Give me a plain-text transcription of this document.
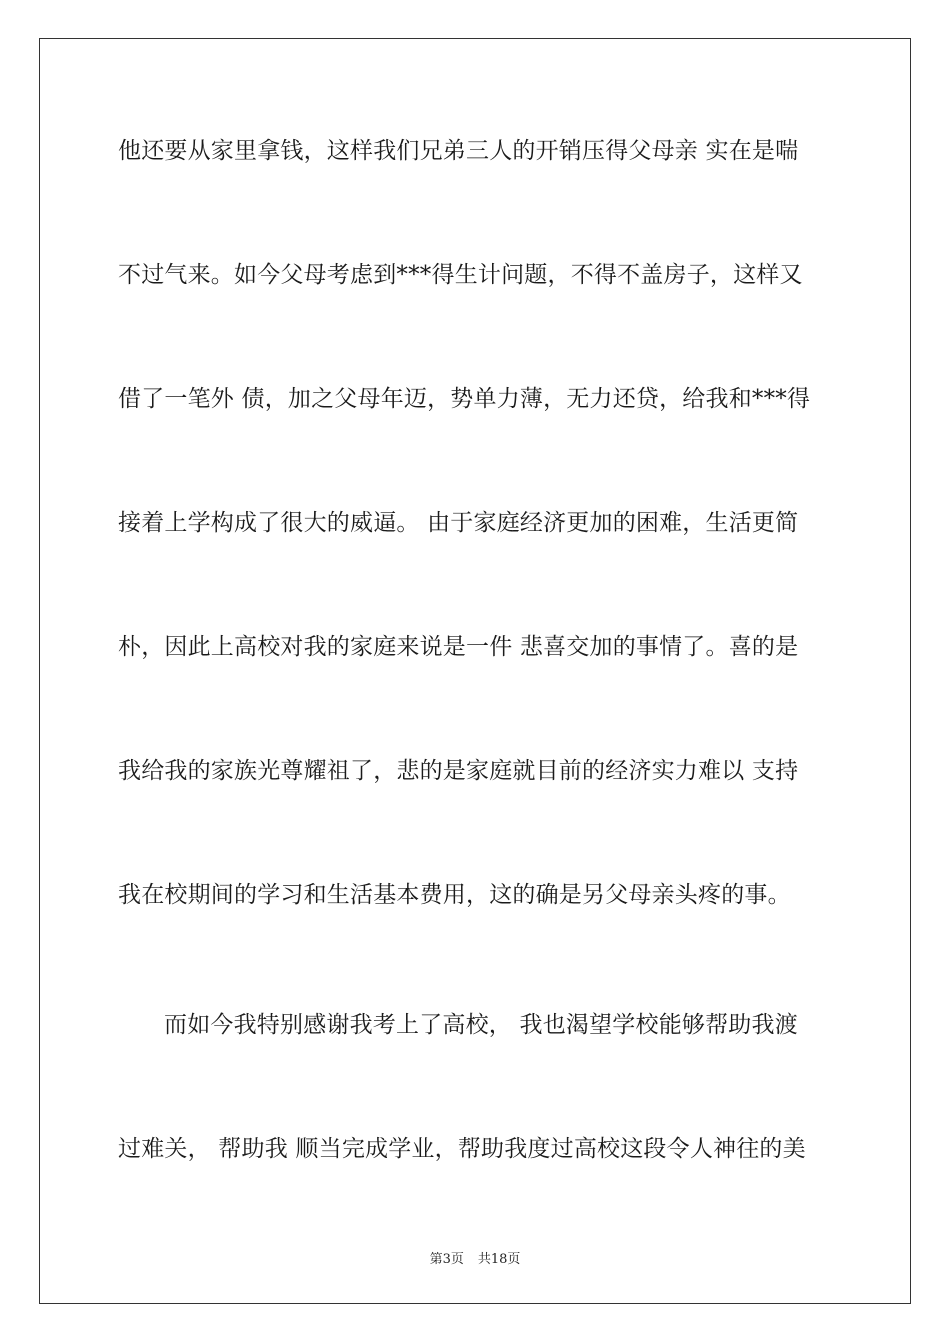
他还要从家里拿钱，这样我们兄弟三人的开销压得父母亲 实在是喘
不过气来。如今父母考虑到***得生计问题，不得不盖房子，这样又
借了一笔外 债，加之父母年迈，势单力薄，无力还贷，给我和***得
接着上学构成了很大的威逼。 由于家庭经济更加的困难，生活更简
朴，因此上高校对我的家庭来说是一件 悲喜交加的事情了。喜的是
我给我的家族光尊耀祖了，悲的是家庭就目前的经济实力难以 支持
我在校期间的学习和生活基本费用，这的确是另父母亲头疼的事。
而如今我特别感谢我考上了高校， 我也渴望学校能够帮助我渡
过难关， 帮助我 顺当完成学业，帮助我度过高校这段令人神往的美
第3页 共18页
